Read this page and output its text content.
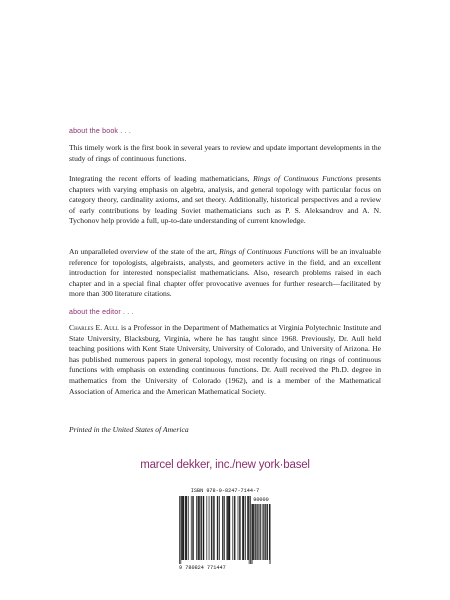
about the book . . .

This timely work is the first book in several years to review and update important developments in the study of rings of continuous functions.

Integrating the recent efforts of leading mathematicians, Rings of Continuous Functions presents chapters with varying emphasis on algebra, analysis, and general topology with particular focus on category theory, cardinality axioms, and set theory. Additionally, historical perspectives and a review of early contributions by leading Soviet mathematicians such as P. S. Aleksandrov and A. N. Tychonov help provide a full, up-to-date understanding of current knowledge.

An unparalleled overview of the state of the art, Rings of Continuous Functions will be an invaluable reference for topologists, algebraists, analysts, and geometers active in the field, and an excellent introduction for interested nonspecialist mathematicians. Also, research problems raised in each chapter and in a special final chapter offer provocative avenues for further research—facilitated by more than 300 literature citations.

about the editor . . .

Charles E. Aull is a Professor in the Department of Mathematics at Virginia Polytechnic Institute and State University, Blacksburg, Virginia, where he has taught since 1968. Previously, Dr. Aull held teaching positions with Kent State University, University of Colorado, and University of Arizona. He has published numerous papers in general topology, most recently focusing on rings of continuous functions with emphasis on extending continuous functions. Dr. Aull received the Ph.D. degree in mathematics from the University of Colorado (1962), and is a member of the Mathematical Association of America and the American Mathematical Society.

Printed in the United States of America
marcel dekker, inc./new york·basel
ISBN 978-0-8247-7144-7
90000
9 780824 771447
